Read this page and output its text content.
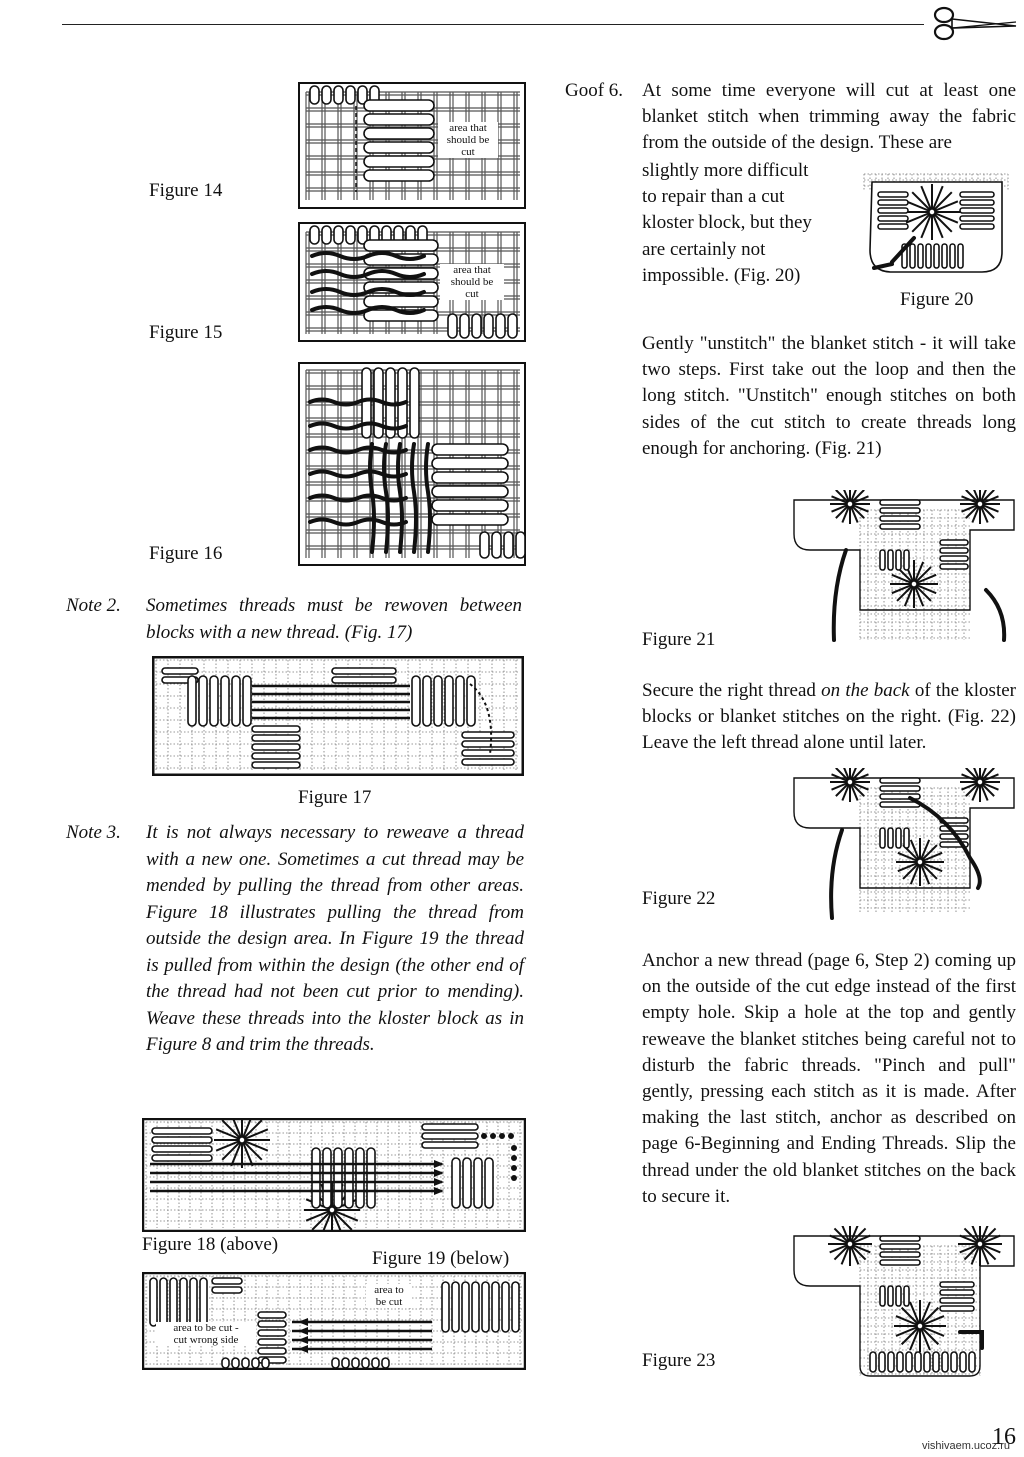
Figure 14
area that
should be
cut
Figure 15
area that
should be
cut
Figure 16
Note 2.	Sometimes threads must be rewoven between blocks with a new thread. (Fig. 17)
Figure 17
Note 3.	It is not always necessary to reweave a thread with a new one. Sometimes a cut thread may be mended by pulling the thread from other areas. Figure 18 illustrates pulling the thread from outside the design area. In Figure 19 the thread is pulled from within the design (the other end of the thread had not been cut prior to mending). Weave these threads into the kloster block as in Figure 8 and trim the threads.
Figure 18 (above)
Figure 19 (below)
area to
be cut
area to be cut -
cut wrong side
Goof 6. At some time everyone will cut at least one blanket stitch when trimming away the fabric from the outside of the design. These are
slightly more difficult to repair than a cut kloster block, but they are certainly not impossible. (Fig. 20)
Figure 20
Gently "unstitch" the blanket stitch - it will take two steps. First take out the loop and then the long stitch. "Unstitch" enough stitches on both sides of the cut stitch to create threads long enough for anchoring. (Fig. 21)
Figure 21
Secure the right thread on the back of the kloster blocks or blanket stitches on the right. (Fig. 22) Leave the left thread alone until later.
Figure 22
Anchor a new thread (page 6, Step 2) coming up on the outside of the cut edge instead of the first empty hole. Skip a hole at the top and gently reweave the blanket stitches being careful not to disturb the fabric threads. "Pinch and pull" gently, pressing each stitch as it is made. After making the last stitch, anchor as described on page 6-Beginning and Ending Threads. Slip the thread under the old blanket stitches on the back to secure it.
Figure 23
16
vishivaem.ucoz.ru
